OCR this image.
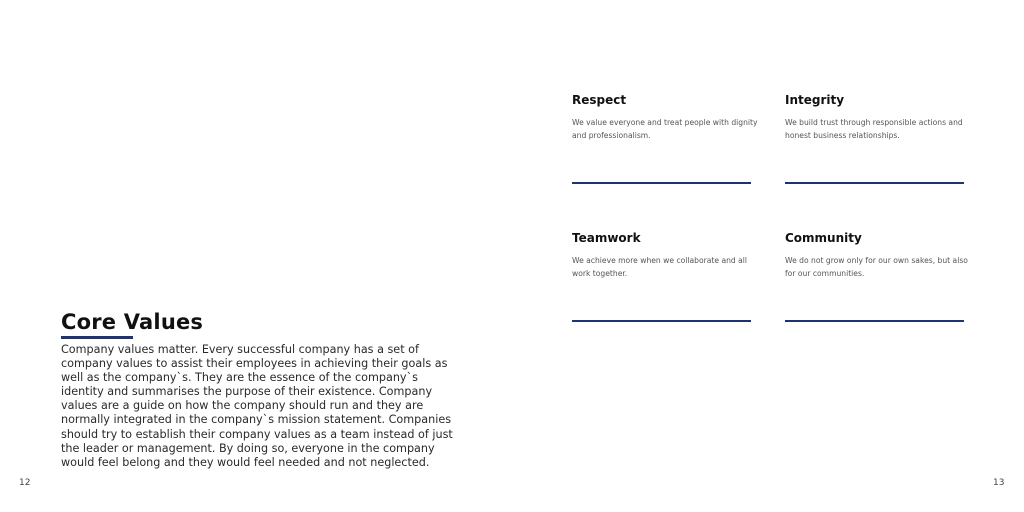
Core Values

Company values matter. Every successful company has a set of company values to assist their employees in achieving their goals as well as the company`s. They are the essence of the company`s identity and summarises the purpose of their existence. Company values are a guide on how the company should run and they are normally integrated in the company`s mission statement. Companies should try to establish their company values as a team instead of just the leader or management. By doing so, everyone in the company would feel belong and they would feel needed and not neglected.

Respect

We value everyone and treat people with dignity and professionalism.

Integrity

We build trust through responsible actions and honest business relationships.

Teamwork

We achieve more when we collaborate and all work together.

Community

We do not grow only for our own sakes, but also for our communities.

12	13
